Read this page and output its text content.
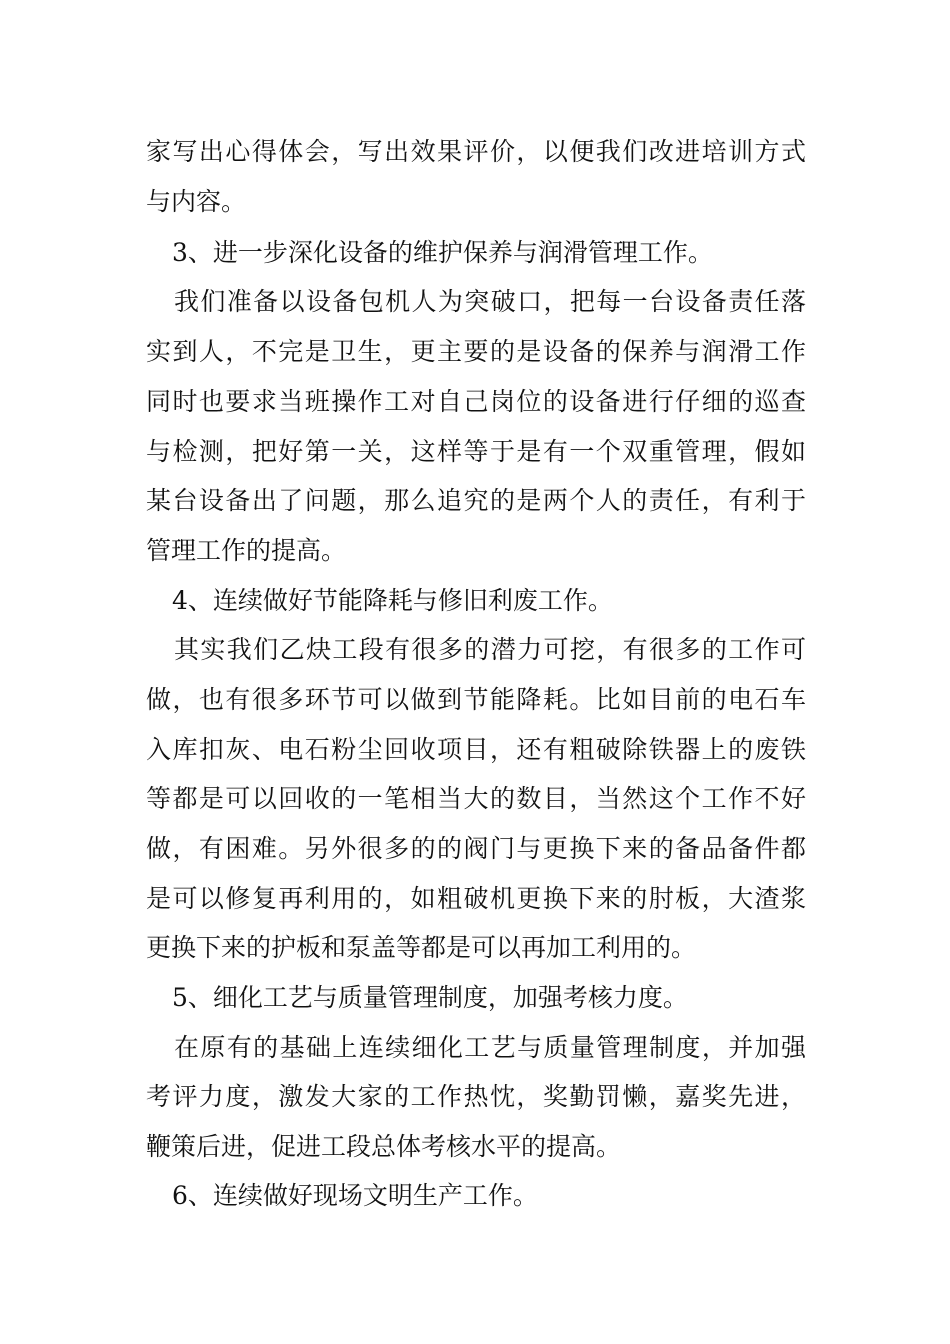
家写出心得体会，写出效果评价，以便我们改进培训方式
与内容。
3、进一步深化设备的维护保养与润滑管理工作。
我们准备以设备包机人为突破口，把每一台设备责任落
实到人，不完是卫生，更主要的是设备的保养与润滑工作
同时也要求当班操作工对自己岗位的设备进行仔细的巡查
与检测，把好第一关，这样等于是有一个双重管理，假如
某台设备出了问题，那么追究的是两个人的责任，有利于
管理工作的提高。
4、连续做好节能降耗与修旧利废工作。
其实我们乙炔工段有很多的潜力可挖，有很多的工作可
做，也有很多环节可以做到节能降耗。比如目前的电石车
入库扣灰、电石粉尘回收项目，还有粗破除铁器上的废铁
等都是可以回收的一笔相当大的数目，当然这个工作不好
做，有困难。另外很多的的阀门与更换下来的备品备件都
是可以修复再利用的，如粗破机更换下来的肘板，大渣浆
更换下来的护板和泵盖等都是可以再加工利用的。
5、细化工艺与质量管理制度，加强考核力度。
在原有的基础上连续细化工艺与质量管理制度，并加强
考评力度，激发大家的工作热忱，奖勤罚懒，嘉奖先进，
鞭策后进，促进工段总体考核水平的提高。
6、连续做好现场文明生产工作。
